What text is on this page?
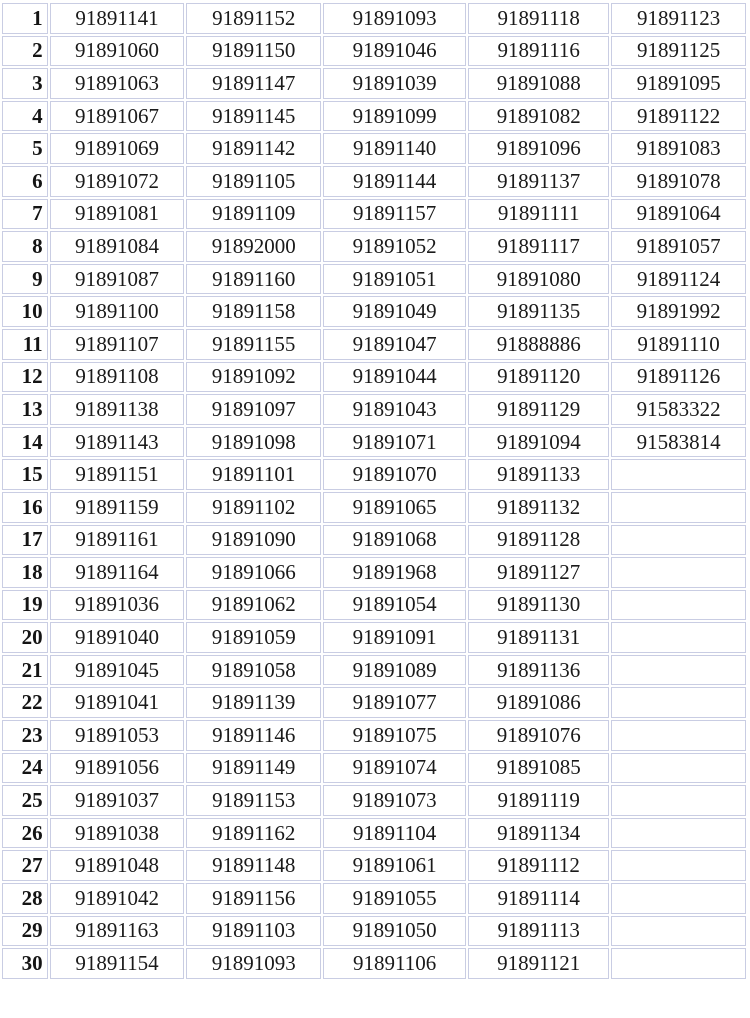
1	91891141	91891152	91891093	91891118	91891123
2	91891060	91891150	91891046	91891116	91891125
3	91891063	91891147	91891039	91891088	91891095
4	91891067	91891145	91891099	91891082	91891122
5	91891069	91891142	91891140	91891096	91891083
6	91891072	91891105	91891144	91891137	91891078
7	91891081	91891109	91891157	91891111	91891064
8	91891084	91892000	91891052	91891117	91891057
9	91891087	91891160	91891051	91891080	91891124
10	91891100	91891158	91891049	91891135	91891992
11	91891107	91891155	91891047	91888886	91891110
12	91891108	91891092	91891044	91891120	91891126
13	91891138	91891097	91891043	91891129	91583322
14	91891143	91891098	91891071	91891094	91583814
15	91891151	91891101	91891070	91891133	
16	91891159	91891102	91891065	91891132	
17	91891161	91891090	91891068	91891128	
18	91891164	91891066	91891968	91891127	
19	91891036	91891062	91891054	91891130	
20	91891040	91891059	91891091	91891131	
21	91891045	91891058	91891089	91891136	
22	91891041	91891139	91891077	91891086	
23	91891053	91891146	91891075	91891076	
24	91891056	91891149	91891074	91891085	
25	91891037	91891153	91891073	91891119	
26	91891038	91891162	91891104	91891134	
27	91891048	91891148	91891061	91891112	
28	91891042	91891156	91891055	91891114	
29	91891163	91891103	91891050	91891113	
30	91891154	91891093	91891106	91891121	
